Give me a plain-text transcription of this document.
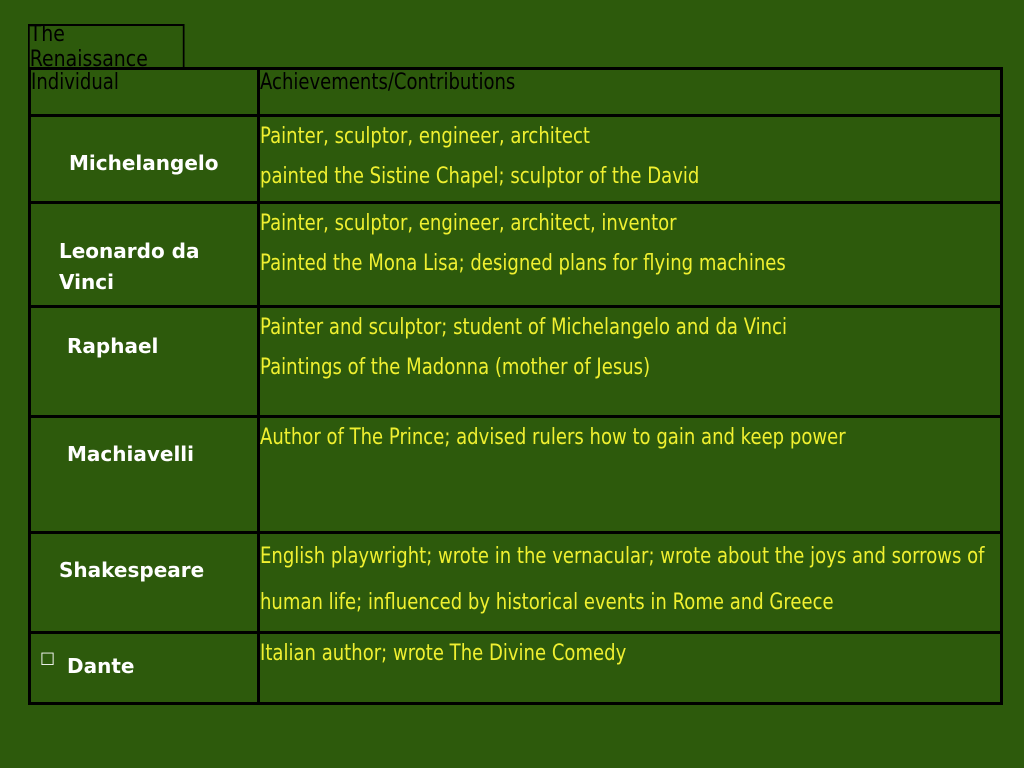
The Renaissance
Individual	Achievements/Contributions

Michelangelo	Painter, sculptor, engineer, architect
painted the Sistine Chapel; sculptor of the David

Leonardo da Vinci	Painter, sculptor, engineer, architect, inventor
Painted the Mona Lisa; designed plans for flying machines

Raphael	Painter and sculptor; student of Michelangelo and da Vinci
Paintings of the Madonna (mother of Jesus)

Machiavelli	Author of The Prince; advised rulers how to gain and keep power

Shakespeare	English playwright; wrote in the vernacular; wrote about the joys and sorrows of human life; influenced by historical events in Rome and Greece

Dante	Italian author; wrote The Divine Comedy
□
